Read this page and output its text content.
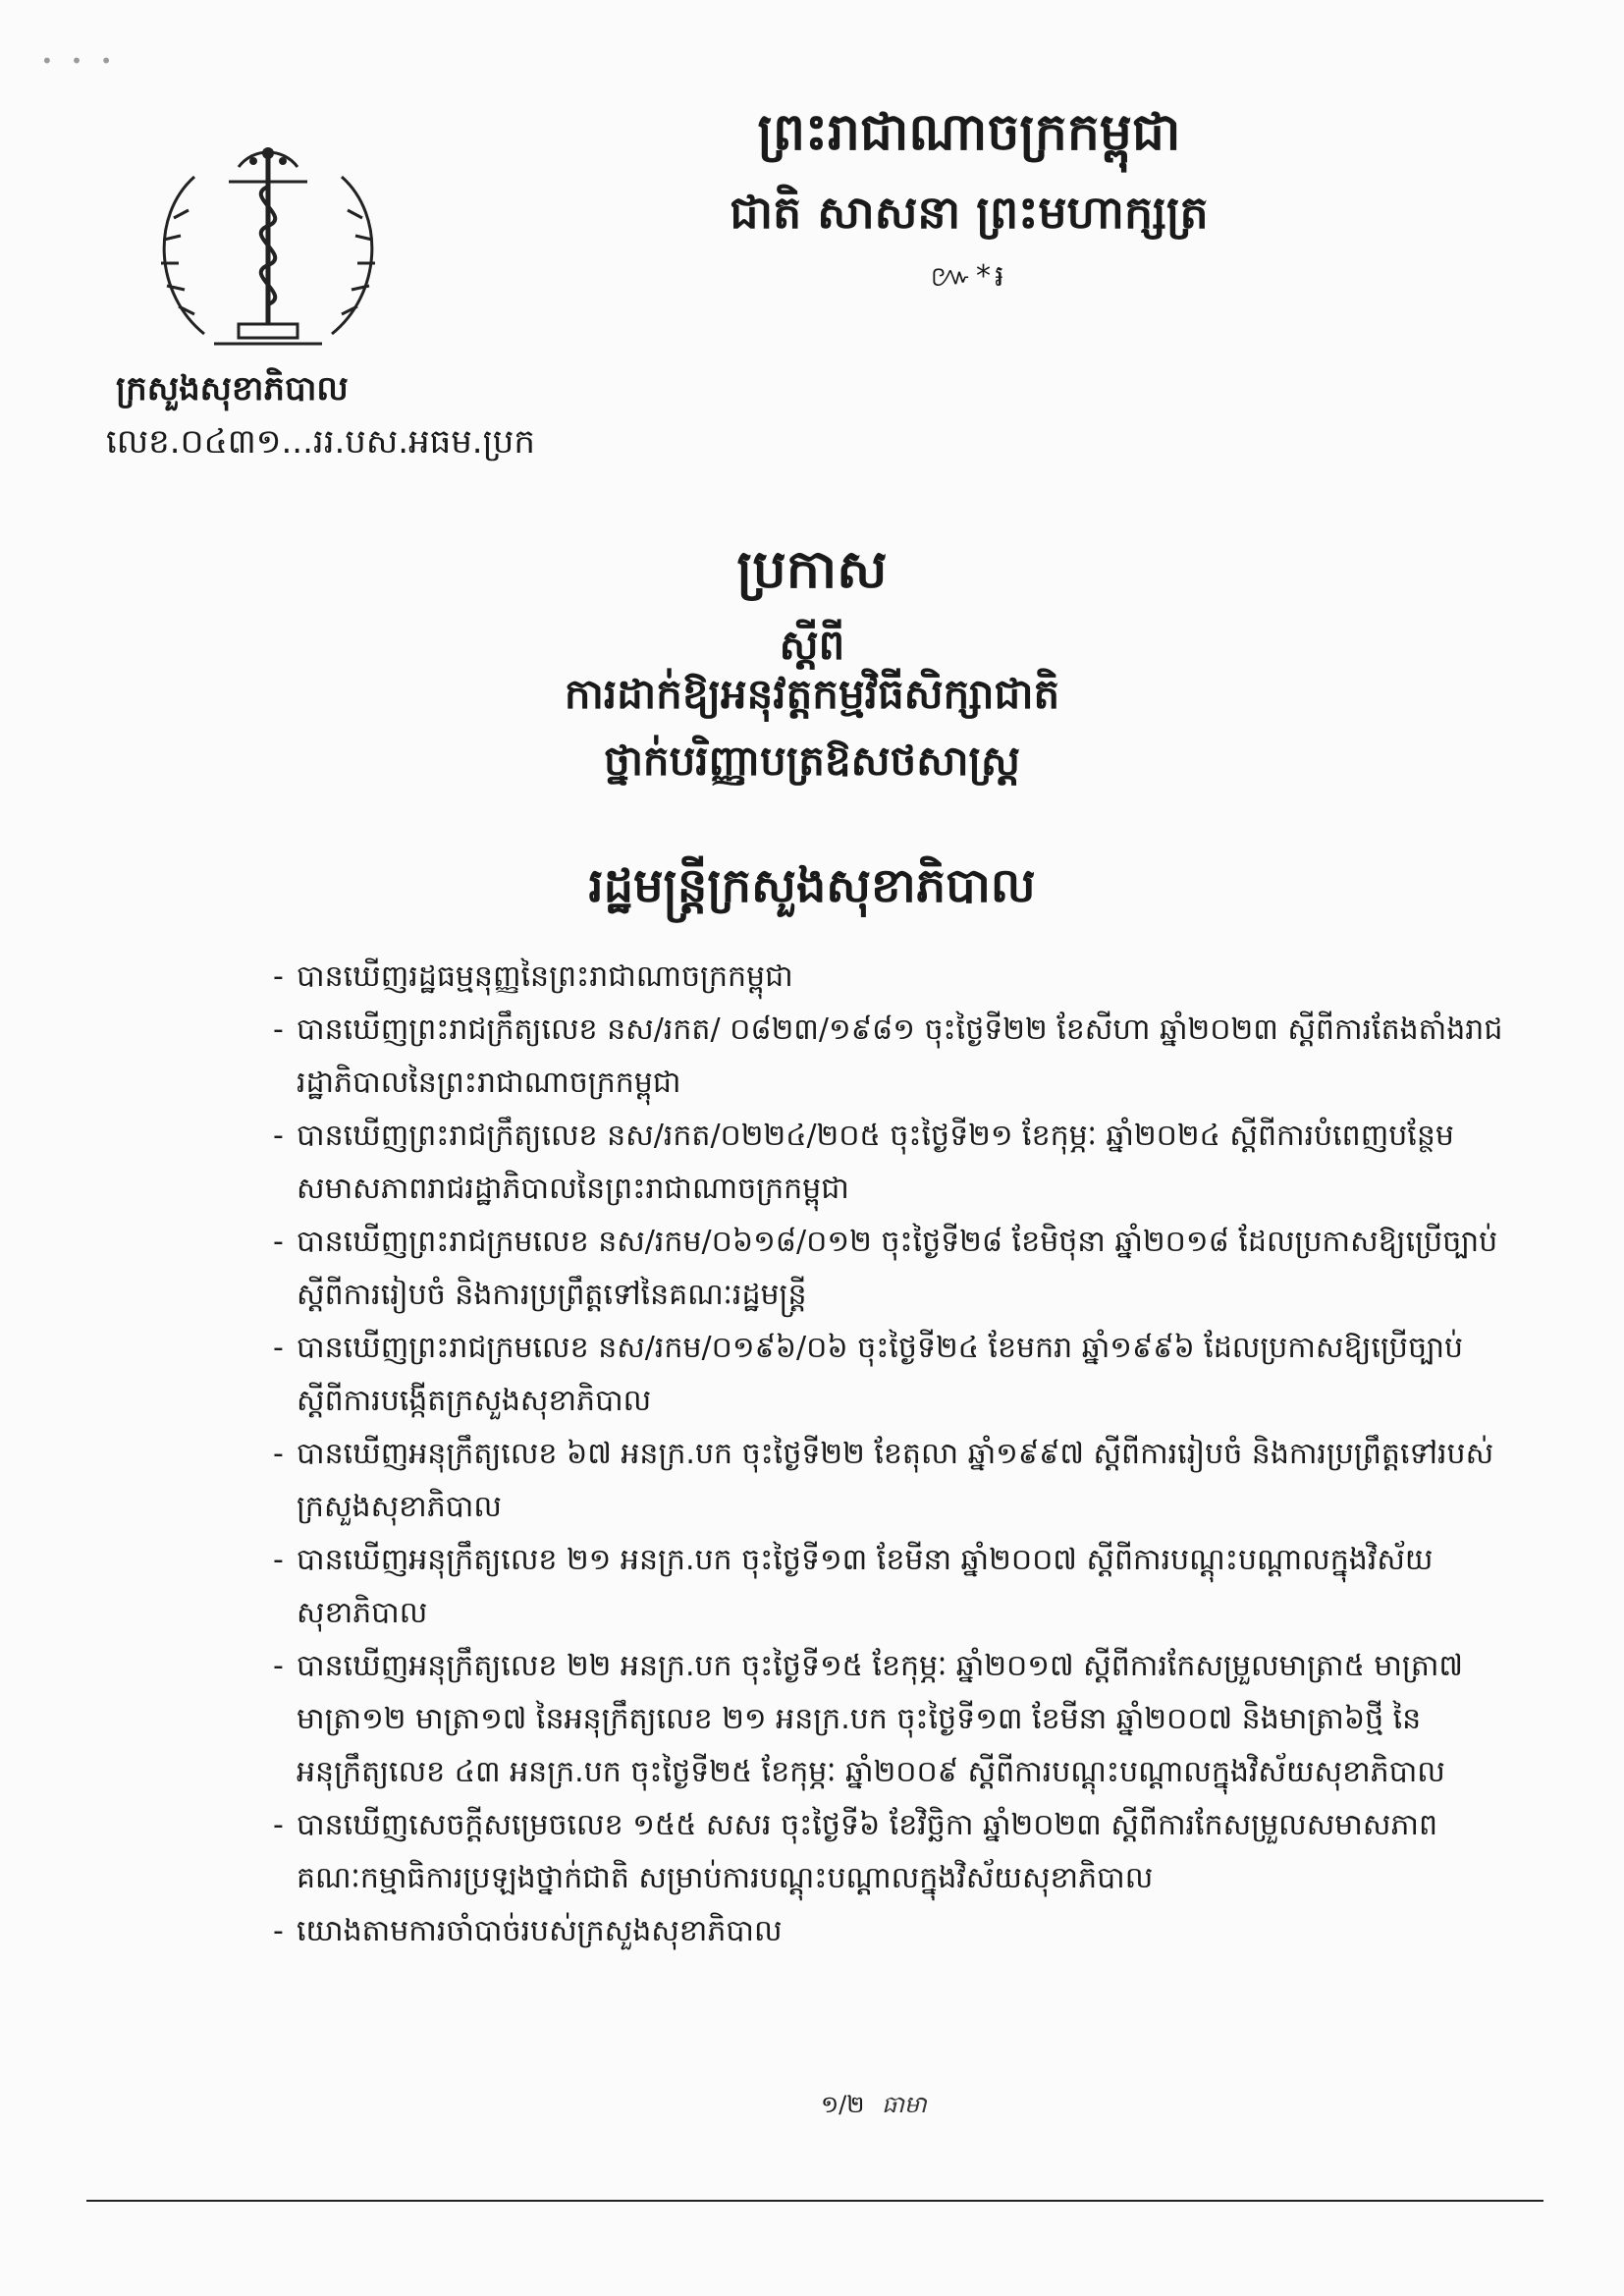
• • •
ព្រះរាជាណាចក្រកម្ពុជា
ជាតិ សាសនា ព្រះមហាក្សត្រ
៚*៛
ក្រសួងសុខាភិបាល
លេខ.០៤៣១...ររ.បស.អធម.ប្រក
ប្រកាស
ស្តីពី
ការដាក់ឱ្យអនុវត្តកម្មវិធីសិក្សាជាតិ
ថ្នាក់បរិញ្ញាបត្រឱសថសាស្ត្រ
រដ្ឋមន្ត្រីក្រសួងសុខាភិបាល
- បានឃើញរដ្ឋធម្មនុញ្ញនៃព្រះរាជាណាចក្រកម្ពុជា
- បានឃើញព្រះរាជក្រឹត្យលេខ នស/រកត/ ០៨២៣/១៩៨១ ចុះថ្ងៃទី២២ ខែសីហា ឆ្នាំ២០២៣ ស្តីពីការតែងតាំងរាជរដ្ឋាភិបាលនៃព្រះរាជាណាចក្រកម្ពុជា
- បានឃើញព្រះរាជក្រឹត្យលេខ នស/រកត/០២២៤/២០៥ ចុះថ្ងៃទី២១ ខែកុម្ភៈ ឆ្នាំ២០២៤ ស្តីពីការបំពេញបន្ថែមសមាសភាពរាជរដ្ឋាភិបាលនៃព្រះរាជាណាចក្រកម្ពុជា
- បានឃើញព្រះរាជក្រមលេខ នស/រកម/០៦១៨/០១២ ចុះថ្ងៃទី២៨ ខែមិថុនា ឆ្នាំ២០១៨ ដែលប្រកាសឱ្យប្រើច្បាប់ស្តីពីការរៀបចំ និងការប្រព្រឹត្តទៅនៃគណៈរដ្ឋមន្ត្រី
- បានឃើញព្រះរាជក្រមលេខ នស/រកម/០១៩៦/០៦ ចុះថ្ងៃទី២៤ ខែមករា ឆ្នាំ១៩៩៦ ដែលប្រកាសឱ្យប្រើច្បាប់ស្តីពីការបង្កើតក្រសួងសុខាភិបាល
- បានឃើញអនុក្រឹត្យលេខ ៦៧ អនក្រ.បក ចុះថ្ងៃទី២២ ខែតុលា ឆ្នាំ១៩៩៧ ស្តីពីការរៀបចំ និងការប្រព្រឹត្តទៅរបស់ក្រសួងសុខាភិបាល
- បានឃើញអនុក្រឹត្យលេខ ២១ អនក្រ.បក ចុះថ្ងៃទី១៣ ខែមីនា ឆ្នាំ២០០៧ ស្តីពីការបណ្តុះបណ្តាលក្នុងវិស័យសុខាភិបាល
- បានឃើញអនុក្រឹត្យលេខ ២២ អនក្រ.បក ចុះថ្ងៃទី១៥ ខែកុម្ភៈ ឆ្នាំ២០១៧ ស្តីពីការកែសម្រួលមាត្រា៥ មាត្រា៧ មាត្រា១២ មាត្រា១៧ នៃអនុក្រឹត្យលេខ ២១ អនក្រ.បក ចុះថ្ងៃទី១៣ ខែមីនា ឆ្នាំ២០០៧ និងមាត្រា៦ថ្មី នៃអនុក្រឹត្យលេខ ៤៣ អនក្រ.បក ចុះថ្ងៃទី២៥ ខែកុម្ភៈ ឆ្នាំ២០០៩ ស្តីពីការបណ្តុះបណ្តាលក្នុងវិស័យសុខាភិបាល
- បានឃើញសេចក្តីសម្រេចលេខ ១៥៥ សសរ ចុះថ្ងៃទី៦ ខែវិច្ឆិកា ឆ្នាំ២០២៣ ស្តីពីការកែសម្រួលសមាសភាពគណៈកម្មាធិការប្រឡងថ្នាក់ជាតិ សម្រាប់ការបណ្តុះបណ្តាលក្នុងវិស័យសុខាភិបាល
- យោងតាមការចាំបាច់របស់ក្រសួងសុខាភិបាល
១/២ ធាមា
